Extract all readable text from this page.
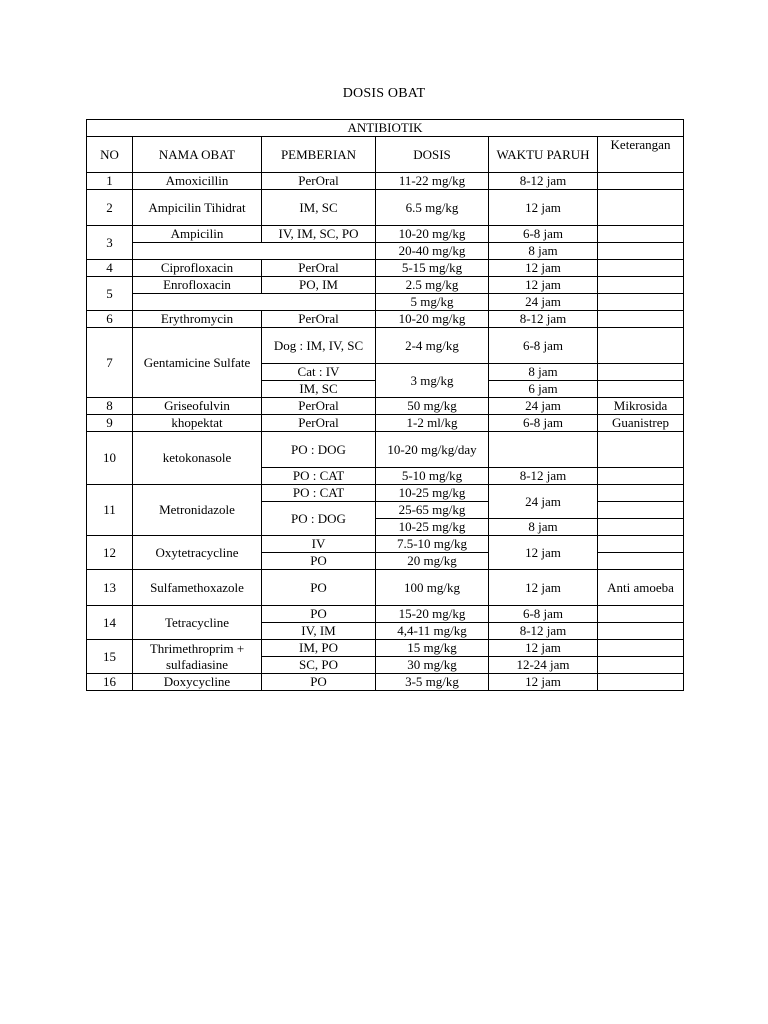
DOSIS OBAT
ANTIBIOTIK					
NO	NAMA OBAT	PEMBERIAN	DOSIS	WAKTU PARUH	Keterangan
1	Amoxicillin	PerOral	11-22 mg/kg	8-12 jam	
2	Ampicilin Tihidrat	IM, SC	6.5 mg/kg	12 jam	
3	Ampicilin	IV, IM, SC, PO	10-20 mg/kg	6-8 jam	
			20-40 mg/kg	8 jam	
4	Ciprofloxacin	PerOral	5-15 mg/kg	12 jam	
5	Enrofloxacin	PO, IM	2.5 mg/kg	12 jam	
			5 mg/kg	24 jam	
6	Erythromycin	PerOral	10-20 mg/kg	8-12 jam	
7	Gentamicine Sulfate	Dog : IM, IV, SC	2-4 mg/kg	6-8 jam	
		Cat : IV	3 mg/kg	8 jam	
		IM, SC		6 jam	
8	Griseofulvin	PerOral	50 mg/kg	24 jam	Mikrosida
9	khopektat	PerOral	1-2 ml/kg	6-8 jam	Guanistrep
10	ketokonasole	PO : DOG	10-20 mg/kg/day		
		PO : CAT	5-10 mg/kg	8-12 jam	
11	Metronidazole	PO : CAT	10-25 mg/kg	24 jam	
		PO : DOG	25-65 mg/kg		
			10-25 mg/kg	8 jam	
12	Oxytetracycline	IV	7.5-10 mg/kg	12 jam	
		PO	20 mg/kg		
13	Sulfamethoxazole	PO	100 mg/kg	12 jam	Anti amoeba
14	Tetracycline	PO	15-20 mg/kg	6-8 jam	
		IV, IM	4,4-11 mg/kg	8-12 jam	
15	Thrimethroprim + sulfadiasine	IM, PO	15 mg/kg	12 jam	
		SC, PO	30 mg/kg	12-24 jam	
16	Doxycycline	PO	3-5 mg/kg	12 jam	
